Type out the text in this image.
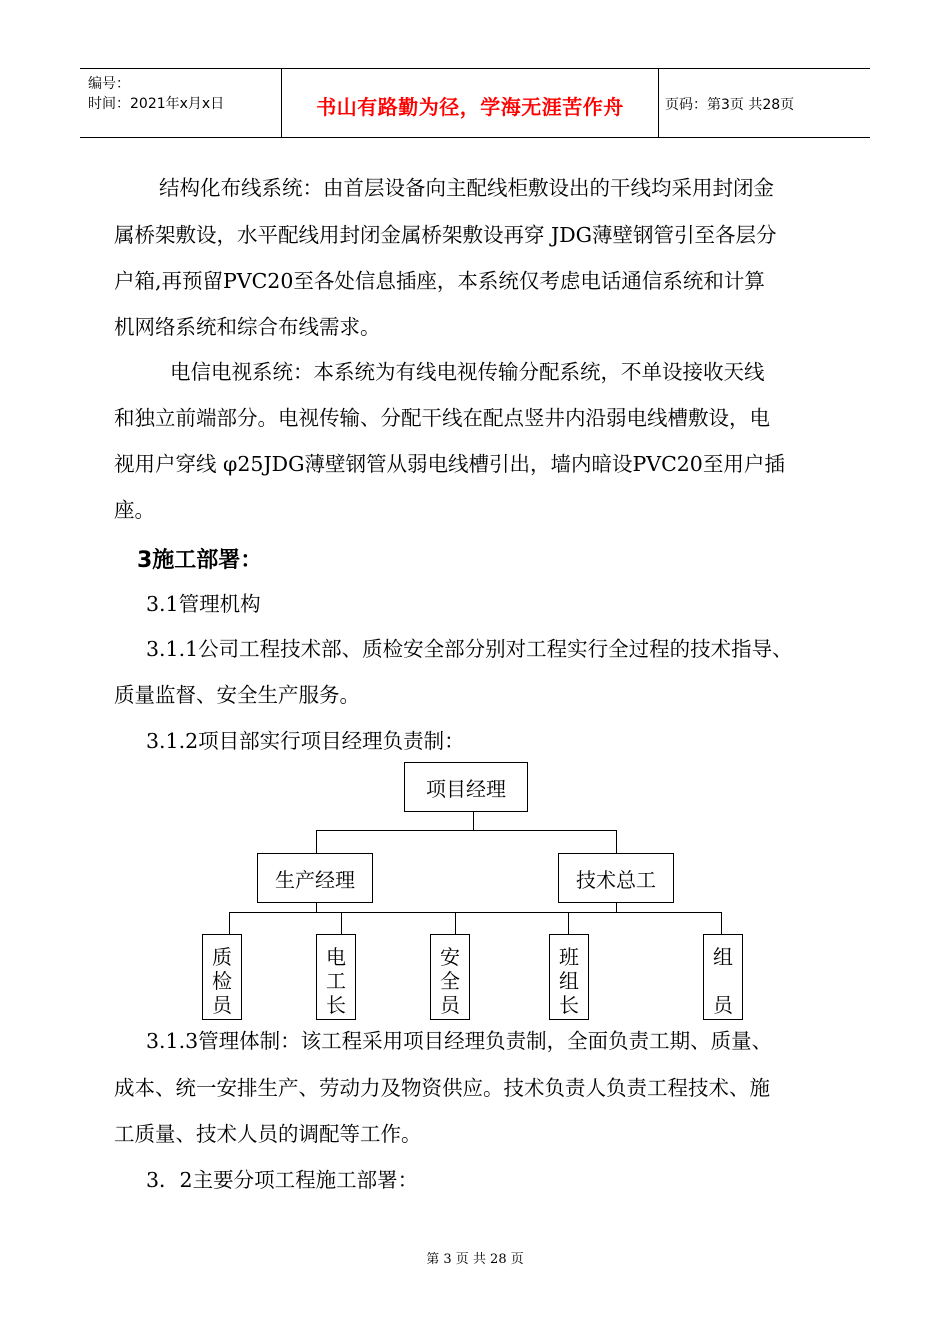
编号：
时间：2021年x月x日	书山有路勤为径，学海无涯苦作舟	页码：第3页 共28页
结构化布线系统：由首层设备向主配线柜敷设出的干线均采用封闭金
属桥架敷设，水平配线用封闭金属桥架敷设再穿 JDG薄壁钢管引至各层分
户箱,再预留PVC20至各处信息插座，本系统仅考虑电话通信系统和计算
机网络系统和综合布线需求。
电信电视系统：本系统为有线电视传输分配系统，不单设接收天线
和独立前端部分。电视传输、分配干线在配点竖井内沿弱电线槽敷设，电
视用户穿线 φ25JDG薄壁钢管从弱电线槽引出，墙内暗设PVC20至用户插
座。
3施工部署：
3.1管理机构
3.1.1公司工程技术部、质检安全部分别对工程实行全过程的技术指导、
质量监督、安全生产服务。
3.1.2项目部实行项目经理负责制：
项目经理
生产经理	技术总工
质
检
员
电
工
长
安
全
员
班
组
长
组
员
3.1.3管理体制：该工程采用项目经理负责制，全面负责工期、质量、
成本、统一安排生产、劳动力及物资供应。技术负责人负责工程技术、施
工质量、技术人员的调配等工作。
3．2主要分项工程施工部署：
第 3 页 共 28 页
